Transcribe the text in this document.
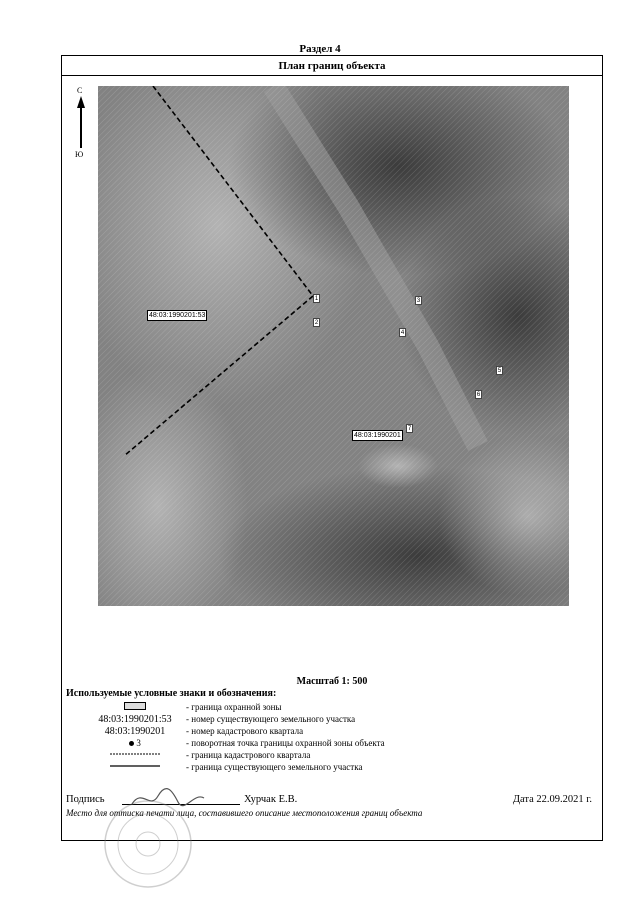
Раздел 4
План границ объекта
С
Ю
48:03:1990201:53
48:03:1990201
1
2
3
4
5
6
7
Масштаб 1: 500
Используемые условные знаки и обозначения:
- граница охранной зоны
48:03:1990201:53	- номер существующего земельного участка
48:03:1990201	- номер кадастрового квартала
3	- поворотная точка границы охранной зоны объекта
- граница кадастрового квартала
- граница существующего земельного участка
Подпись	Хурчак Е.В.	Дата 22.09.2021 г.
Место для оттиска печати лица, составившего описание местоположения границ объекта
